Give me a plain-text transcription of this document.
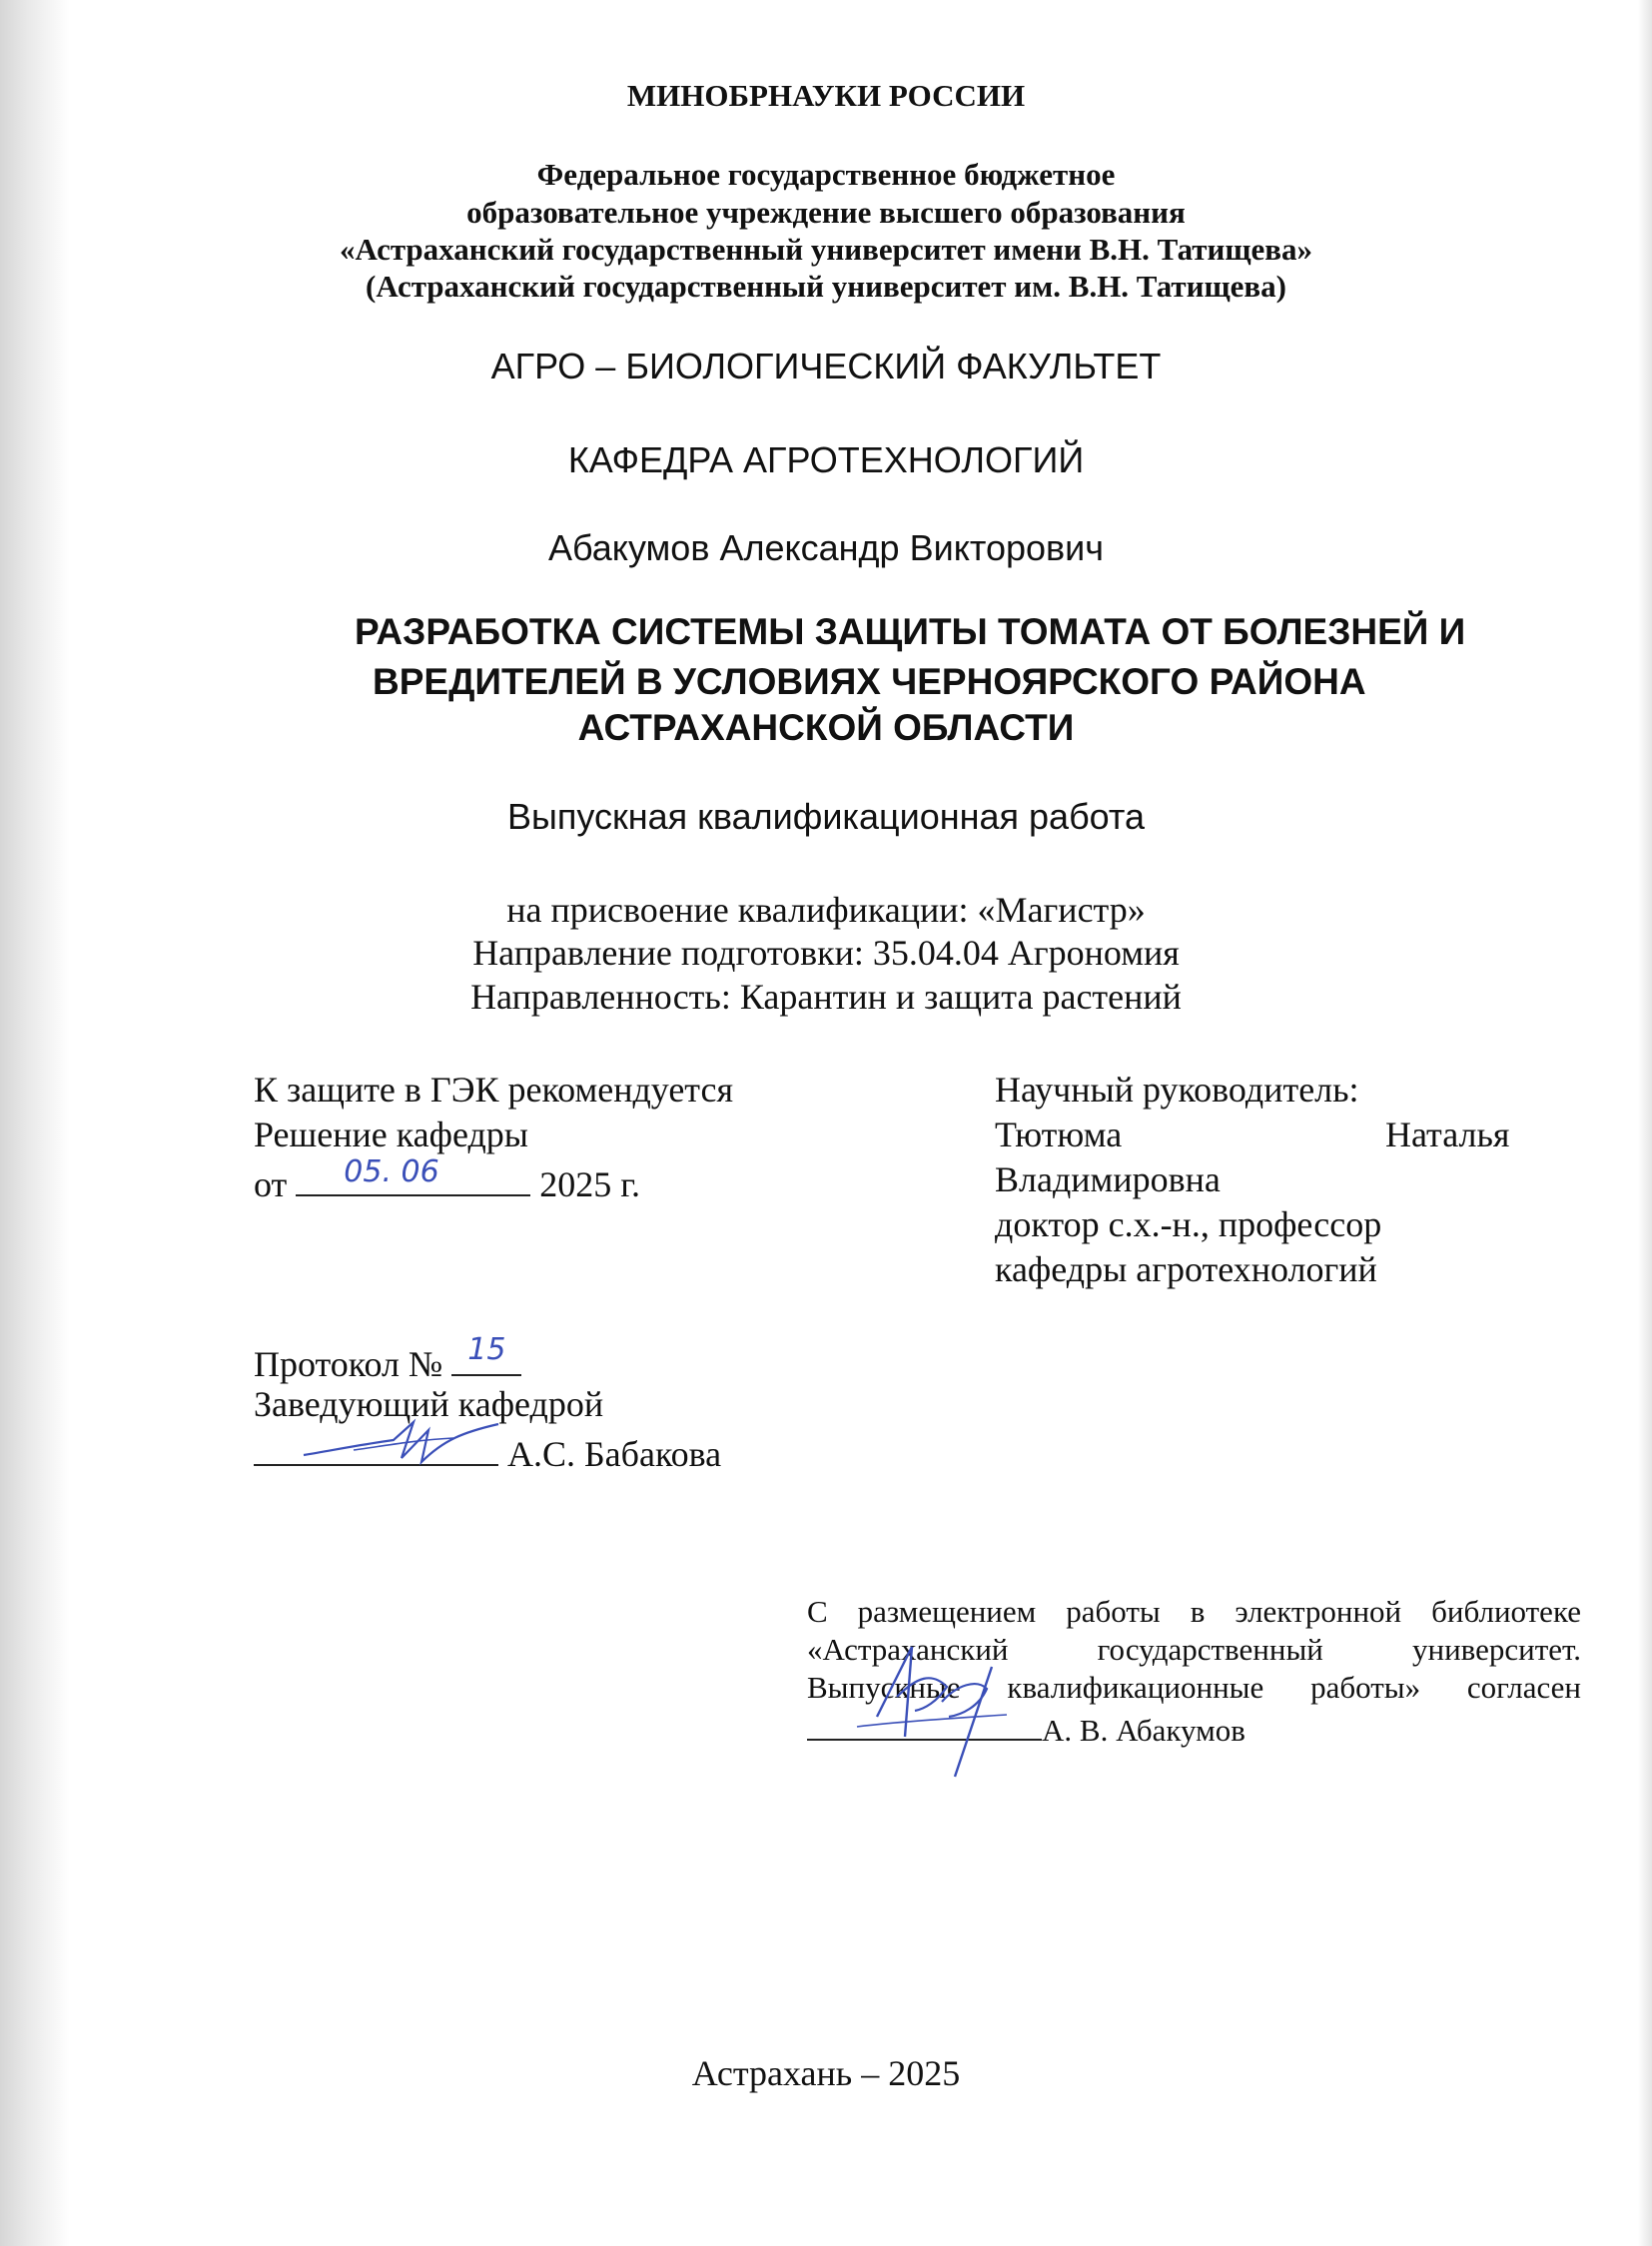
МИНОБРНАУКИ РОССИИ
Федеральное государственное бюджетное
образовательное учреждение высшего образования
«Астраханский государственный университет имени В.Н. Татищева»
(Астраханский государственный университет им. В.Н. Татищева)
АГРО – БИОЛОГИЧЕСКИЙ ФАКУЛЬТЕТ
КАФЕДРА АГРОТЕХНОЛОГИЙ
Абакумов Александр Викторович
РАЗРАБОТКА СИСТЕМЫ ЗАЩИТЫ ТОМАТА ОТ БОЛЕЗНЕЙ И
ВРЕДИТЕЛЕЙ В УСЛОВИЯХ ЧЕРНОЯРСКОГО РАЙОНА
АСТРАХАНСКОЙ ОБЛАСТИ
Выпускная квалификационная работа
на присвоение квалификации: «Магистр»
Направление подготовки: 35.04.04 Агрономия
Направленность: Карантин и защита растений
К защите в ГЭК рекомендуется
Решение кафедры
от 05. 06	2025 г.
Протокол № 15
Заведующий кафедрой
А.С. Бабакова
Научный руководитель:
Тютюма	Наталья
Владимировна
доктор с.х.-н., профессор
кафедры агротехнологий
С размещением работы в электронной библиотеке
«Астраханский государственный университет.
Выпускные квалификационные работы» согласен
А. В. Абакумов
Астрахань – 2025
